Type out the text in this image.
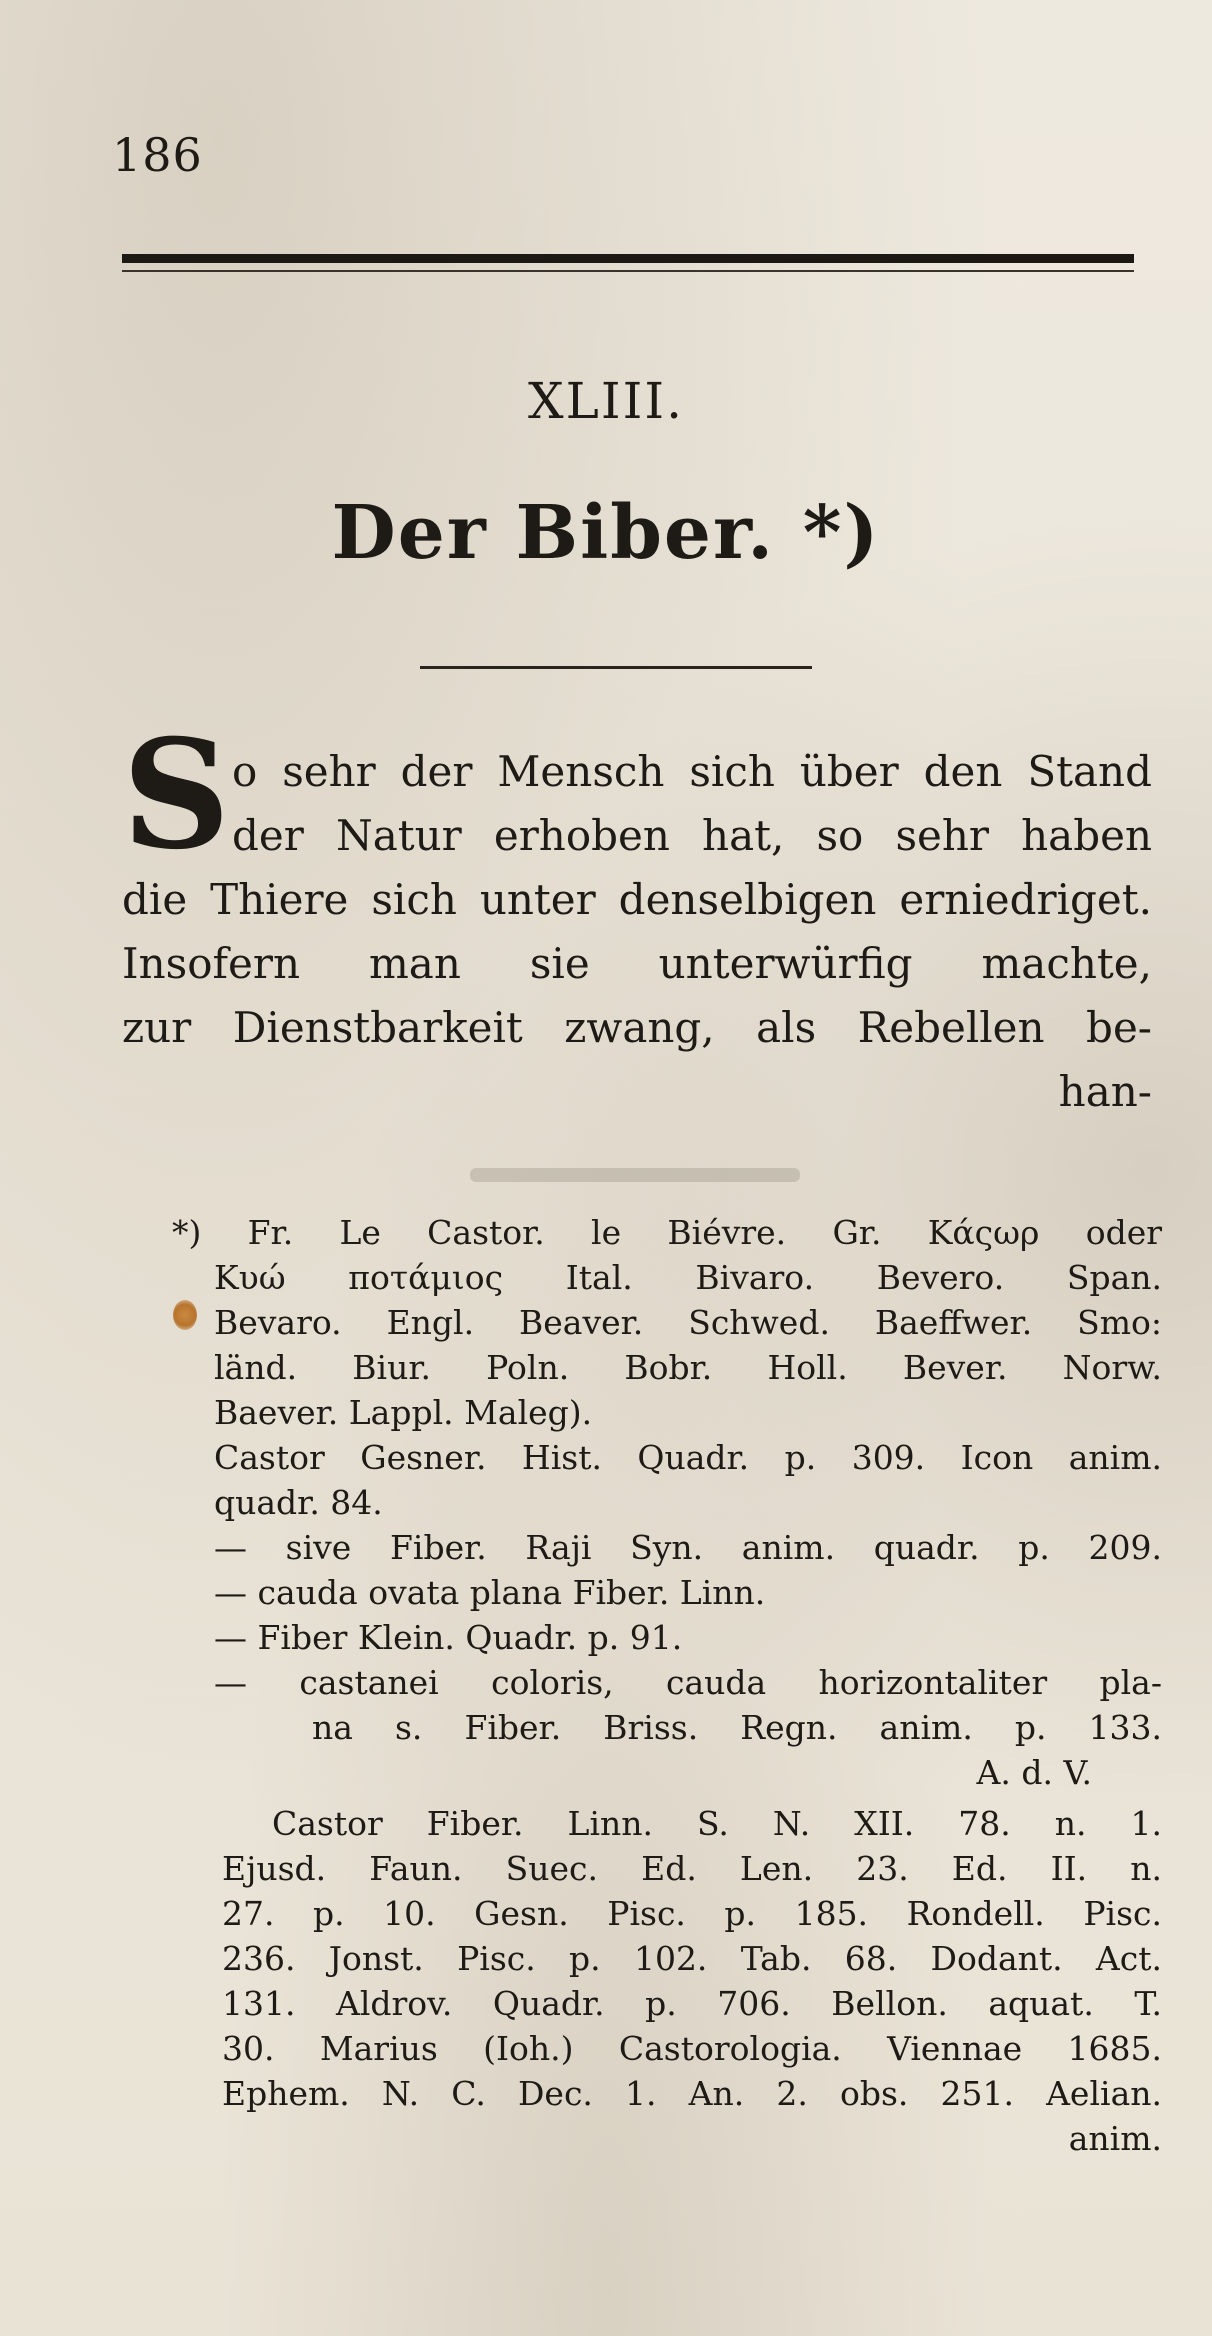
186
XLIII.
Der Biber. *)
S o sehr der Mensch sich über den Stand
der Natur erhoben hat, so sehr haben
die Thiere sich unter denselbigen erniedriget.
Insofern man sie unterwürfig machte,
zur Dienstbarkeit zwang, als Rebellen be-
han-
*) Fr. Le Castor. le Biévre. Gr. Κάςωρ oder
Κυώ ποτάμιος Ital. Bivaro. Bevero. Span.
Bevaro. Engl. Beaver. Schwed. Baeffwer. Smo:
länd. Biur. Poln. Bobr. Holl. Bever. Norw.
Baever. Lappl. Maleg).
Castor Gesner. Hist. Quadr. p. 309. Icon anim.
quadr. 84.
— sive Fiber. Raji Syn. anim. quadr. p. 209.
— cauda ovata plana Fiber. Linn.
— Fiber Klein. Quadr. p. 91.
— castanei coloris, cauda horizontaliter pla-
na s. Fiber. Briss. Regn. anim. p. 133.
A. d. V.
Castor Fiber. Linn. S. N. XII. 78. n. 1.
Ejusd. Faun. Suec. Ed. Len. 23. Ed. II. n.
27. p. 10. Gesn. Pisc. p. 185. Rondell. Pisc.
236. Jonst. Pisc. p. 102. Tab. 68. Dodant. Act.
131. Aldrov. Quadr. p. 706. Bellon. aquat. T.
30. Marius (Ioh.) Castorologia. Viennae 1685.
Ephem. N. C. Dec. 1. An. 2. obs. 251. Aelian.
anim.
